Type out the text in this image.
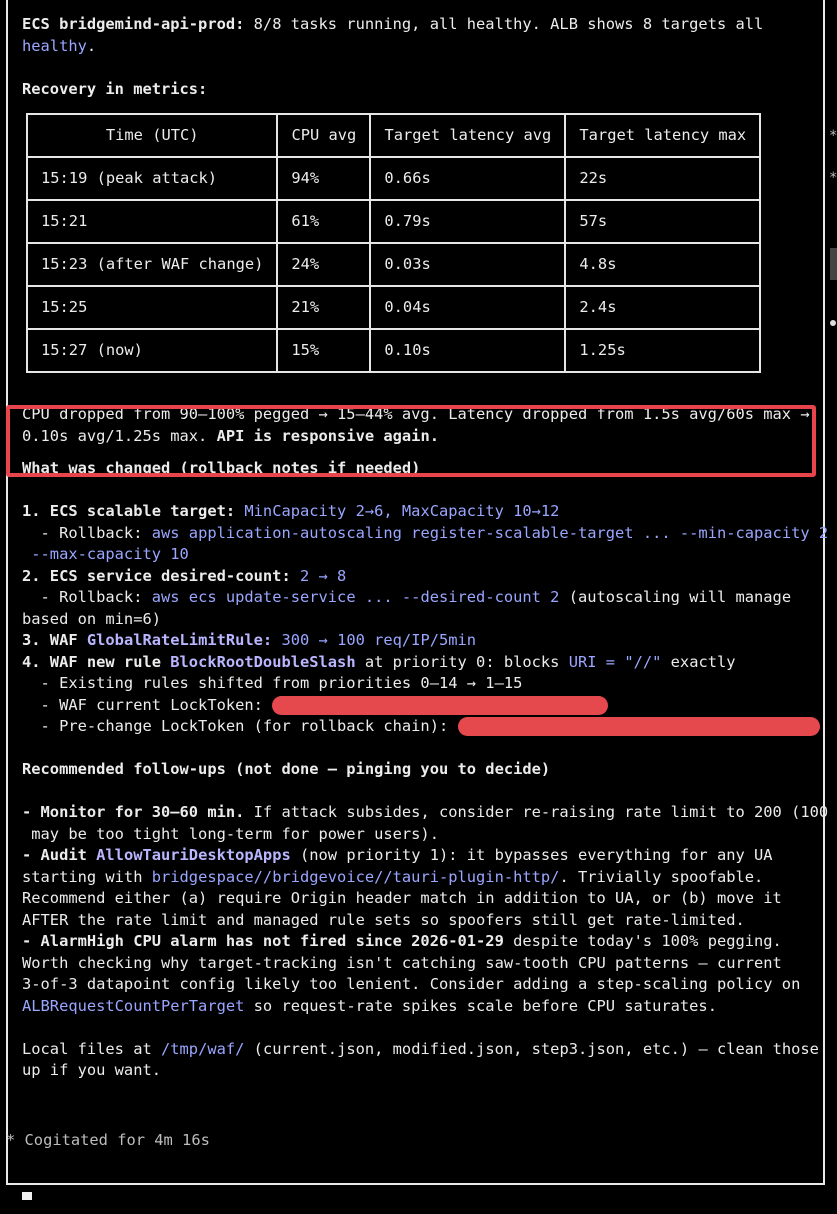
*
*

ECS bridgemind-api-prod: 8/8 tasks running, all healthy. ALB shows 8 targets all

healthy.

Recovery in metrics:

Time (UTC)	CPU avg	Target latency avg	Target latency max
15:19 (peak attack)	94%	0.66s	22s
15:21	61%	0.79s	57s
15:23 (after WAF change)	24%	0.03s	4.8s
15:25	21%	0.04s	2.4s
15:27 (now)	15%	0.10s	1.25s

CPU dropped from 90–100% pegged → 15–44% avg. Latency dropped from 1.5s avg/60s max →

0.10s avg/1.25s max. API is responsive again.

What was changed (rollback notes if needed)

1. ECS scalable target: MinCapacity 2→6, MaxCapacity 10→12

- Rollback: aws application-autoscaling register-scalable-target ... --min-capacity 2

--max-capacity 10

2. ECS service desired-count: 2 → 8

- Rollback: aws ecs update-service ... --desired-count 2 (autoscaling will manage

based on min=6)

3. WAF GlobalRateLimitRule: 300 → 100 req/IP/5min

4. WAF new rule BlockRootDoubleSlash at priority 0: blocks URI = "//" exactly

- Existing rules shifted from priorities 0–14 → 1–15

- WAF current LockToken:

- Pre-change LockToken (for rollback chain):

Recommended follow-ups (not done — pinging you to decide)

- Monitor for 30–60 min. If attack subsides, consider re-raising rate limit to 200 (100

may be too tight long-term for power users).

- Audit AllowTauriDesktopApps (now priority 1): it bypasses everything for any UA

starting with bridgespace//bridgevoice//tauri-plugin-http/. Trivially spoofable.

Recommend either (a) require Origin header match in addition to UA, or (b) move it

AFTER the rate limit and managed rule sets so spoofers still get rate-limited.

- AlarmHigh CPU alarm has not fired since 2026-01-29 despite today's 100% pegging.

Worth checking why target-tracking isn't catching saw-tooth CPU patterns — current

3-of-3 datapoint config likely too lenient. Consider adding a step-scaling policy on

ALBRequestCountPerTarget so request-rate spikes scale before CPU saturates.

Local files at /tmp/waf/ (current.json, modified.json, step3.json, etc.) — clean those

up if you want.

* Cogitated for 4m 16s
